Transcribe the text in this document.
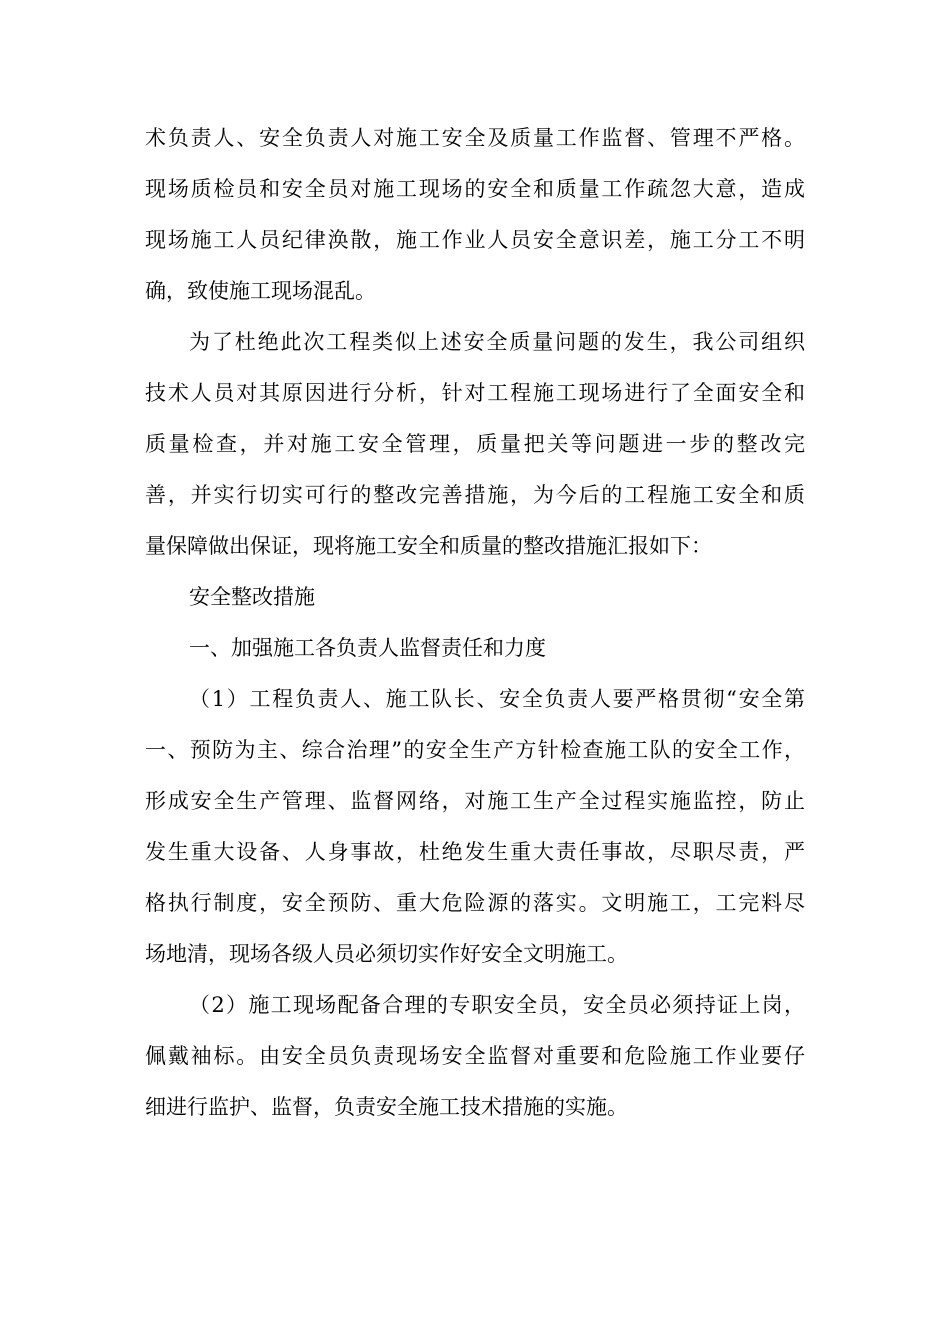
术负责人、安全负责人对施工安全及质量工作监督、管理不严格。
现场质检员和安全员对施工现场的安全和质量工作疏忽大意，造成
现场施工人员纪律涣散，施工作业人员安全意识差，施工分工不明
确，致使施工现场混乱。

为了杜绝此次工程类似上述安全质量问题的发生，我公司组织
技术人员对其原因进行分析，针对工程施工现场进行了全面安全和
质量检查，并对施工安全管理，质量把关等问题进一步的整改完
善，并实行切实可行的整改完善措施，为今后的工程施工安全和质
量保障做出保证，现将施工安全和质量的整改措施汇报如下：

安全整改措施

一、加强施工各负责人监督责任和力度

（1）工程负责人、施工队长、安全负责人要严格贯彻“安全第
一、预防为主、综合治理”的安全生产方针检查施工队的安全工作，
形成安全生产管理、监督网络，对施工生产全过程实施监控，防止
发生重大设备、人身事故，杜绝发生重大责任事故，尽职尽责，严
格执行制度，安全预防、重大危险源的落实。文明施工，工完料尽
场地清，现场各级人员必须切实作好安全文明施工。

（2）施工现场配备合理的专职安全员，安全员必须持证上岗，
佩戴袖标。由安全员负责现场安全监督对重要和危险施工作业要仔
细进行监护、监督，负责安全施工技术措施的实施。
